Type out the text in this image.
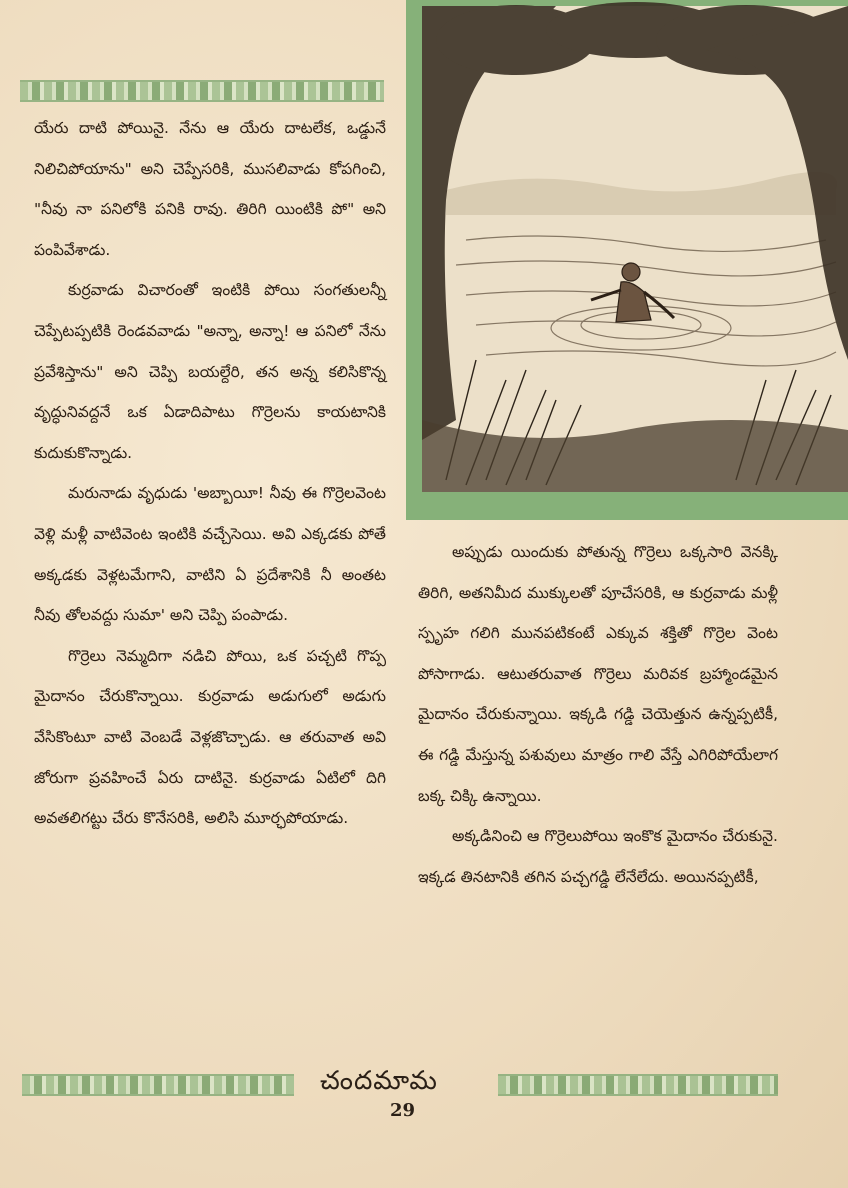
యేరు దాటి పోయినై. నేను ఆ యేరు దాటలేక, ఒడ్డునే నిలిచిపోయాను" అని చెప్పేసరికి, ముసలివాడు కోపగించి, "నీవు నా పనిలోకి పనికి రావు. తిరిగి యింటికి పో" అని పంపివేశాడు.

కుర్రవాడు విచారంతో ఇంటికి పోయి సంగతులన్నీ చెప్పేటప్పటికి రెండవవాడు "అన్నా, అన్నా! ఆ పనిలో నేను ప్రవేశిస్తాను" అని చెప్పి బయల్దేరి, తన అన్న కలిసికొన్న వృద్ధునివద్దనే ఒక ఏడాదిపాటు గొర్రెలను కాయటానికి కుదుకుకొన్నాడు.

మరునాడు వృధుడు 'అబ్బాయీ! నీవు ఈ గొర్రెలవెంట వెళ్లి మళ్లీ వాటివెంట ఇంటికి వచ్చేసెయి. అవి ఎక్కడకు పోతే అక్కడకు వెళ్లటమేగాని, వాటిని ఏ ప్రదేశానికి నీ అంతట నీవు తోలవద్దు సుమా' అని చెప్పి పంపాడు.

గొర్రెలు నెమ్మదిగా నడిచి పోయి, ఒక పచ్చటి గొప్ప మైదానం చేరుకొన్నాయి. కుర్రవాడు అడుగులో అడుగు వేసికొంటూ వాటి వెంబడే వెళ్లజొచ్చాడు. ఆ తరువాత అవి జోరుగా ప్రవహించే ఏరు దాటినై. కుర్రవాడు ఏటిలో దిగి అవతలిగట్టు చేరు కొనేసరికి, అలిసి మూర్ఛపోయాడు.

అప్పుడు యిందుకు పోతున్న గొర్రెలు ఒక్కసారి వెనక్కి తిరిగి, అతనిమీద ముక్కులతో పూచేసరికి, ఆ కుర్రవాడు మళ్లీ స్పృహ గలిగి మునపటికంటే ఎక్కువ శక్తితో గొర్రెల వెంట పోసాగాడు. ఆటుతరువాత గొర్రెలు మరివక బ్రహ్మాండమైన మైదానం చేరుకున్నాయి. ఇక్కడి గడ్డి చెయెత్తున ఉన్నప్పటికీ, ఈ గడ్డి మేస్తున్న పశువులు మాత్రం గాలి వేస్తే ఎగిరిపోయేలాగ బక్క చిక్కి ఉన్నాయి.

అక్కడినించి ఆ గొర్రెలుపోయి ఇంకొక మైదానం చేరుకునై. ఇక్కడ తినటానికి తగిన పచ్చగడ్డి లేనేలేదు. అయినప్పటికీ,

చందమామ
29
